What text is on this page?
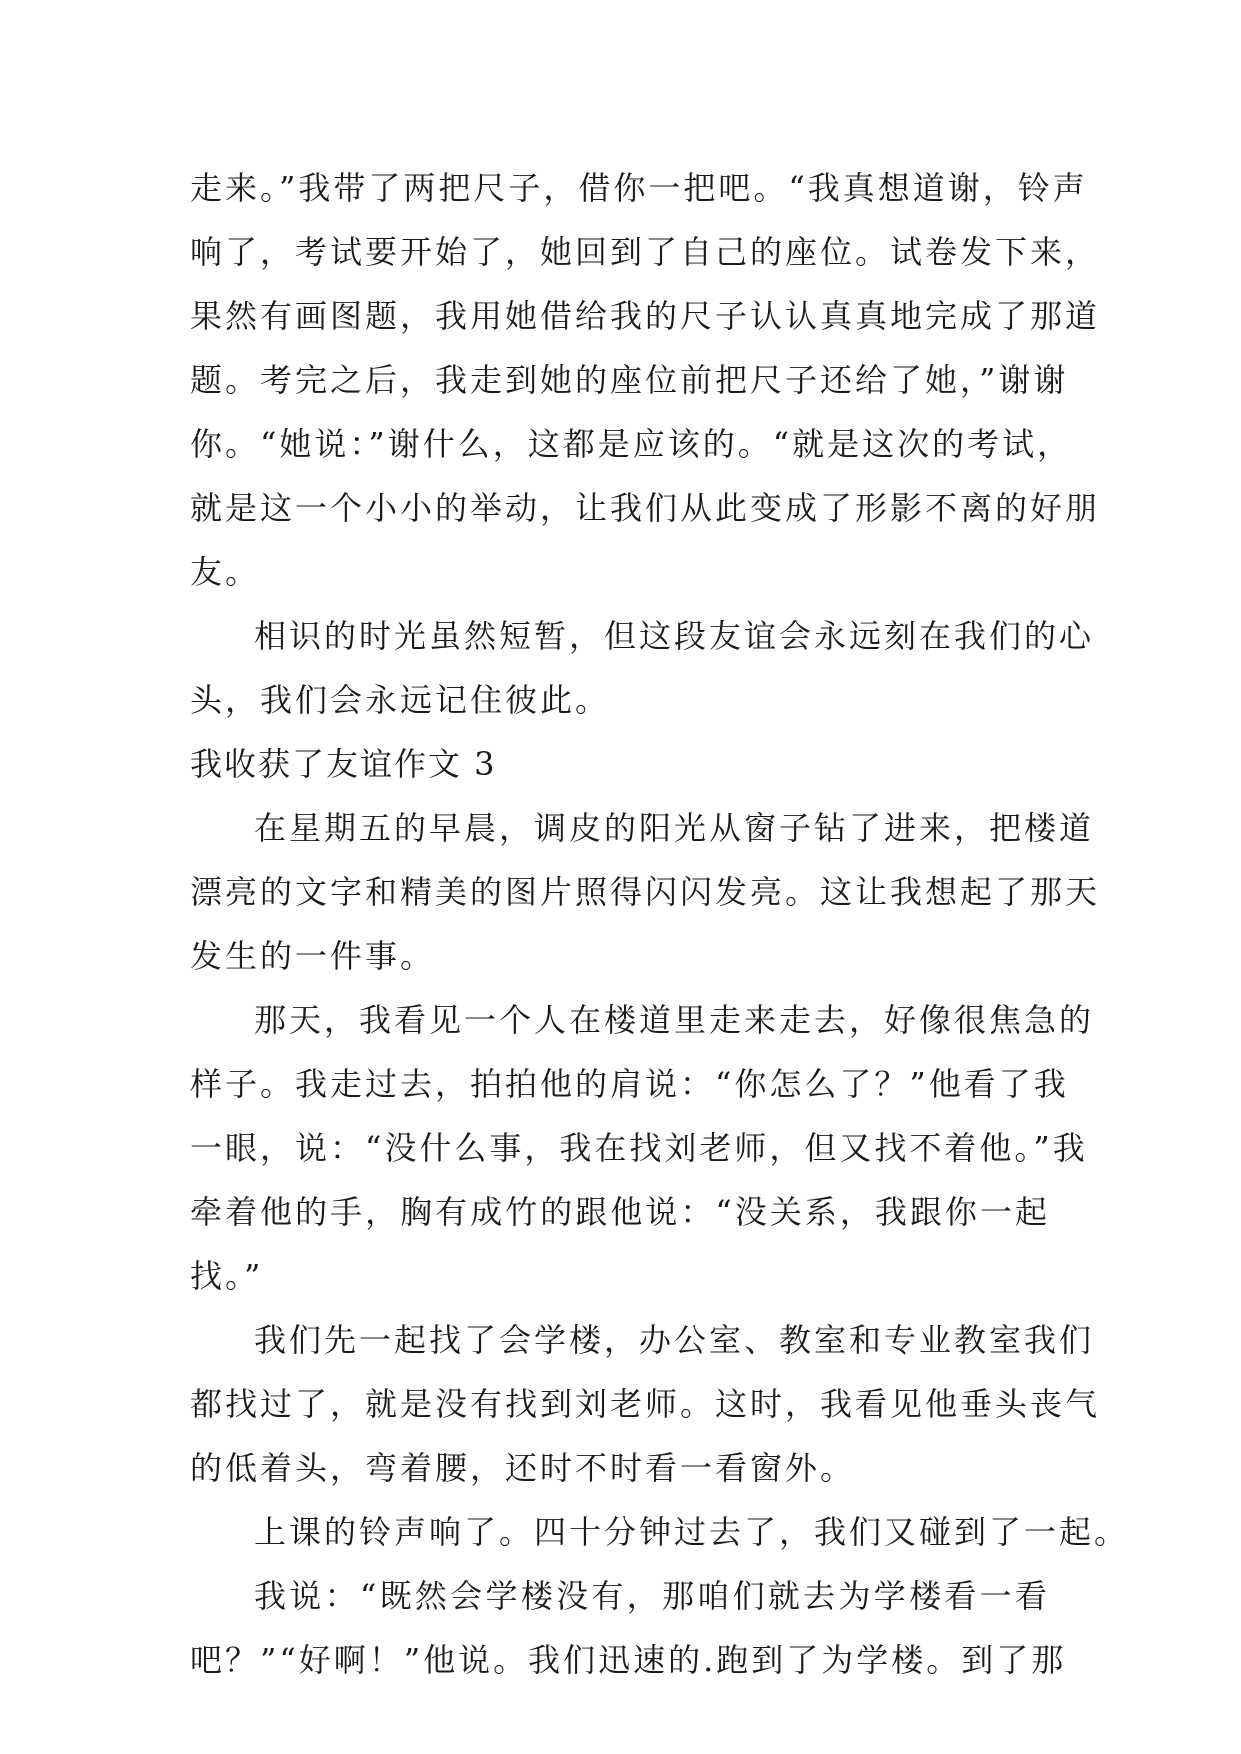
走来。”我带了两把尺子，借你一把吧。“我真想道谢，铃声
响了，考试要开始了，她回到了自己的座位。试卷发下来，
果然有画图题，我用她借给我的尺子认认真真地完成了那道
题。考完之后，我走到她的座位前把尺子还给了她，”谢谢
你。“她说：”谢什么，这都是应该的。“就是这次的考试，
就是这一个小小的举动，让我们从此变成了形影不离的好朋
友。
相识的时光虽然短暂，但这段友谊会永远刻在我们的心
头，我们会永远记住彼此。
我收获了友谊作文 3
在星期五的早晨，调皮的阳光从窗子钻了进来，把楼道
漂亮的文字和精美的图片照得闪闪发亮。这让我想起了那天
发生的一件事。
那天，我看见一个人在楼道里走来走去，好像很焦急的
样子。我走过去，拍拍他的肩说：“你怎么了？”他看了我
一眼，说：“没什么事，我在找刘老师，但又找不着他。”我
牵着他的手，胸有成竹的跟他说：“没关系，我跟你一起
找。”
我们先一起找了会学楼，办公室、教室和专业教室我们
都找过了，就是没有找到刘老师。这时，我看见他垂头丧气
的低着头，弯着腰，还时不时看一看窗外。
上课的铃声响了。四十分钟过去了，我们又碰到了一起。
我说：“既然会学楼没有，那咱们就去为学楼看一看
吧？”“好啊！”他说。我们迅速的.跑到了为学楼。到了那
